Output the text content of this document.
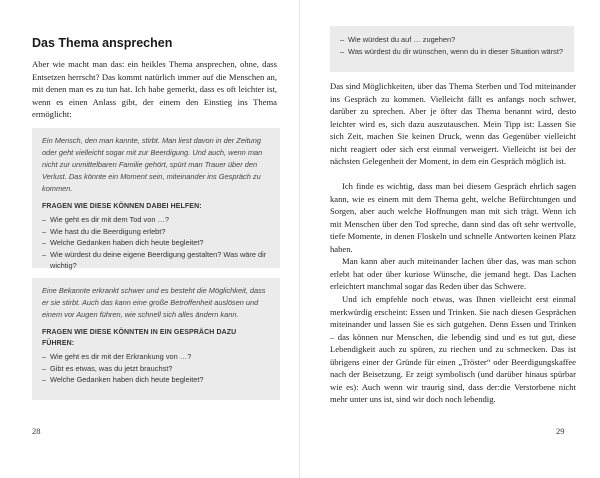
Das Thema ansprechen

Aber wie macht man das: ein heikles Thema ansprechen, ohne, dass Entsetzen herrscht? Das kommt natürlich immer auf die Menschen an, mit denen man es zu tun hat. Ich habe gemerkt, dass es oft leichter ist, wenn es einen Anlass gibt, der einem den Einstieg ins Thema ermöglicht:

Ein Mensch, den man kannte, stirbt. Man liest davon in der Zeitung oder geht vielleicht sogar mit zur Beerdigung. Und auch, wenn man nicht zur unmittelbaren Familie gehört, spürt man Trauer über den Verlust. Das könnte ein Moment sein, miteinander ins Gespräch zu kommen.

FRAGEN WIE DIESE KÖNNEN DABEI HELFEN:
– Wie geht es dir mit dem Tod von …?
– Wie hast du die Beerdigung erlebt?
– Welche Gedanken haben dich heute begleitet?
– Wie würdest du deine eigene Beerdigung gestalten? Was wäre dir wichtig?

Eine Bekannte erkrankt schwer und es besteht die Möglichkeit, dass er sie stirbt. Auch das kann eine große Betroffenheit auslösen und einem vor Augen führen, wie schnell sich alles ändern kann.

FRAGEN WIE DIESE KÖNNTEN IN EIN GESPRÄCH DAZU FÜHREN:
– Wie geht es dir mit der Erkrankung von …?
– Gibt es etwas, was du jetzt brauchst?
– Welche Gedanken haben dich heute begleitet?
28
– Wie würdest du auf … zugehen?
– Was würdest du dir wünschen, wenn du in dieser Situation wärst?

Das sind Möglichkeiten, über das Thema Sterben und Tod miteinander ins Gespräch zu kommen. Vielleicht fällt es anfangs noch schwer, darüber zu sprechen. Aber je öfter das Thema benannt wird, desto leichter wird es, sich dazu auszutauschen. Mein Tipp ist: Lassen Sie sich Zeit, machen Sie keinen Druck, wenn das Gegenüber vielleicht nicht reagiert oder sich erst einmal verweigert. Vielleicht ist bei der nächsten Gelegenheit der Moment, in dem ein Gespräch möglich ist.

Ich finde es wichtig, dass man bei diesem Gespräch ehrlich sagen kann, wie es einem mit dem Thema geht, welche Befürchtungen und Sorgen, aber auch welche Hoffnungen man mit sich trägt. Wenn ich mit Menschen über den Tod spreche, dann sind das oft sehr wertvolle, tiefe Momente, in denen Floskeln und schnelle Antworten keinen Platz haben.

Man kann aber auch miteinander lachen über das, was man schon erlebt hat oder über kuriose Wünsche, die jemand hegt. Das Lachen erleichtert manchmal sogar das Reden über das Schwere.

Und ich empfehle noch etwas, was Ihnen vielleicht erst einmal merkwürdig erscheint: Essen und Trinken. Sie nach diesen Gesprächen miteinander und lassen Sie es sich gutgehen. Denn Essen und Trinken – das können nur Menschen, die lebendig sind und es tut gut, diese Lebendigkeit auch zu spüren, zu riechen und zu schmecken. Das ist übrigens einer der Gründe für einen „Tröster“ oder Beerdigungskaffee nach der Beisetzung. Er zeigt symbolisch (und darüber hinaus spürbar wie es): Auch wenn wir traurig sind, dass der:die Verstorbene nicht mehr unter uns ist, sind wir doch noch lebendig.

29
